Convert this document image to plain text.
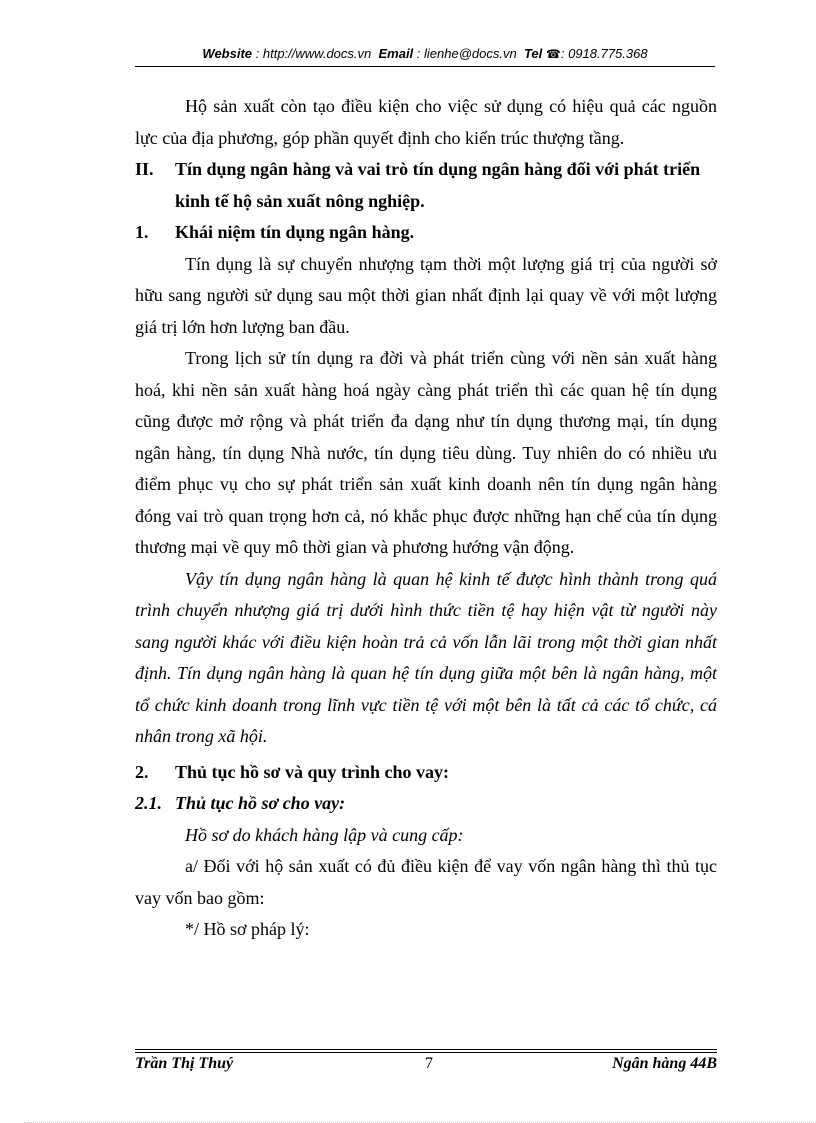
Website : http://www.docs.vn Email : lienhe@docs.vn Tel ☎: 0918.775.368

Hộ sản xuất còn tạo điều kiện cho việc sử dụng có hiệu quả các nguồn lực của địa phương, góp phần quyết định cho kiến trúc thượng tầng.

II.	Tín dụng ngân hàng và vai trò tín dụng ngân hàng đối với phát triển kinh tế hộ sản xuất nông nghiệp.
1.	Khái niệm tín dụng ngân hàng.

Tín dụng là sự chuyển nhượng tạm thời một lượng giá trị của người sở hữu sang người sử dụng sau một thời gian nhất định lại quay về với một lượng giá trị lớn hơn lượng ban đầu.

Trong lịch sử tín dụng ra đời và phát triển cùng với nền sản xuất hàng hoá, khi nền sản xuất hàng hoá ngày càng phát triển thì các quan hệ tín dụng cũng được mở rộng và phát triển đa dạng như tín dụng thương mại, tín dụng ngân hàng, tín dụng Nhà nước, tín dụng tiêu dùng. Tuy nhiên do có nhiều ưu điểm phục vụ cho sự phát triển sản xuất kinh doanh nên tín dụng ngân hàng đóng vai trò quan trọng hơn cả, nó khắc phục được những hạn chế của tín dụng thương mại về quy mô thời gian và phương hướng vận động.

Vậy tín dụng ngân hàng là quan hệ kinh tế được hình thành trong quá trình chuyển nhượng giá trị dưới hình thức tiền tệ hay hiện vật từ người này sang người khác với điều kiện hoàn trả cả vốn lẫn lãi trong một thời gian nhất định. Tín dụng ngân hàng là quan hệ tín dụng giữa một bên là ngân hàng, một tổ chức kinh doanh trong lĩnh vực tiền tệ với một bên là tất cả các tổ chức, cá nhân trong xã hội.

2.	Thủ tục hồ sơ và quy trình cho vay:
2.1. Thủ tục hồ sơ cho vay:

Hồ sơ do khách hàng lập và cung cấp:

a/ Đối với hộ sản xuất có đủ điều kiện để vay vốn ngân hàng thì thủ tục vay vốn bao gồm:

*/ Hồ sơ pháp lý:

Trần Thị Thuý	7	Ngân hàng 44B
